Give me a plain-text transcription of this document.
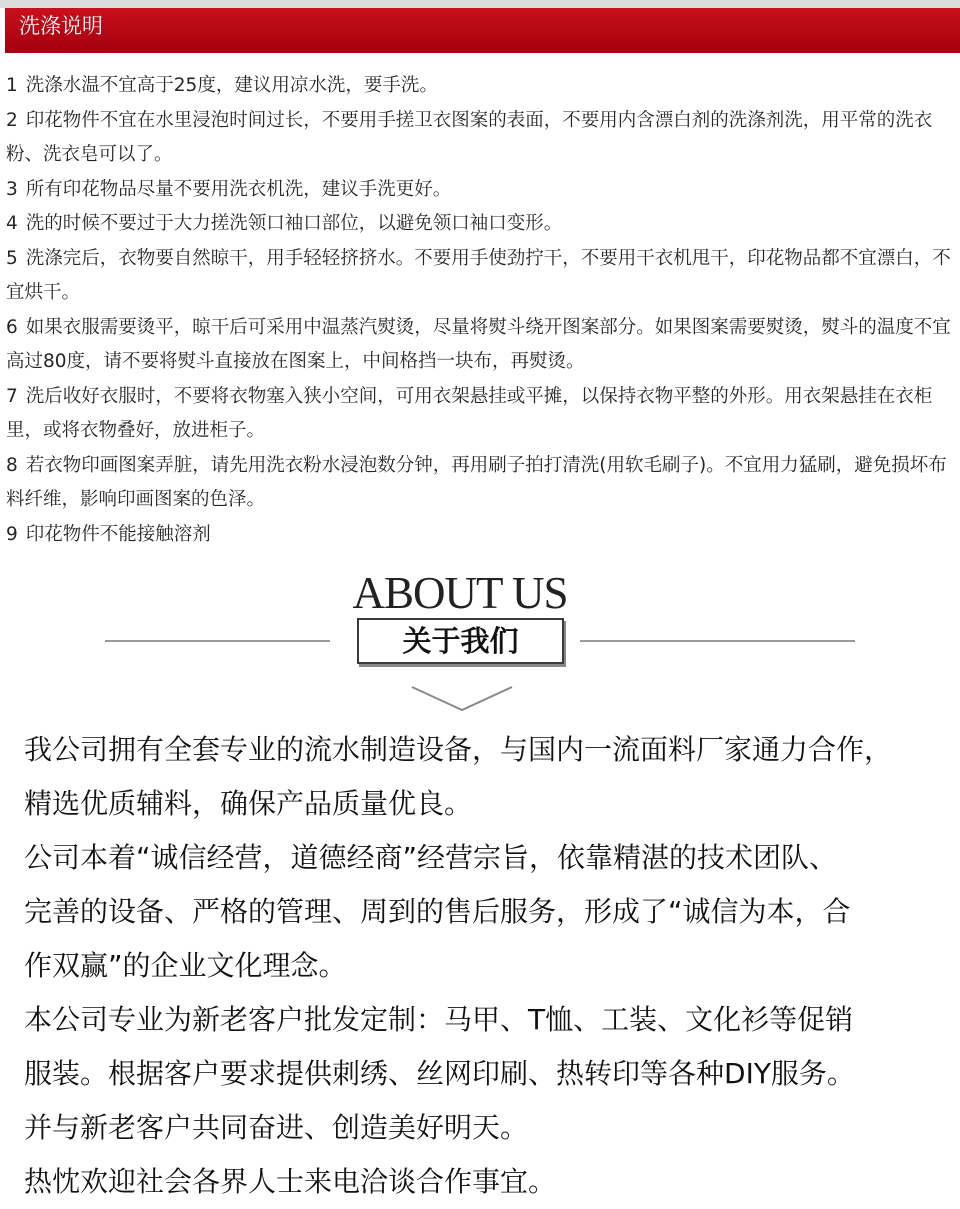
洗涤说明
1 洗涤水温不宜高于25度，建议用凉水洗，要手洗。
2 印花物件不宜在水里浸泡时间过长，不要用手搓卫衣图案的表面，不要用内含漂白剂的洗涤剂洗，用平常的洗衣粉、洗衣皂可以了。
3 所有印花物品尽量不要用洗衣机洗，建议手洗更好。
4 洗的时候不要过于大力搓洗领口袖口部位，以避免领口袖口变形。
5 洗涤完后，衣物要自然晾干，用手轻轻挤挤水。不要用手使劲拧干，不要用干衣机甩干，印花物品都不宜漂白，不宜烘干。
6 如果衣服需要烫平，晾干后可采用中温蒸汽熨烫，尽量将熨斗绕开图案部分。如果图案需要熨烫，熨斗的温度不宜高过80度，请不要将熨斗直接放在图案上，中间格挡一块布，再熨烫。
7 洗后收好衣服时，不要将衣物塞入狭小空间，可用衣架悬挂或平摊，以保持衣物平整的外形。用衣架悬挂在衣柜里，或将衣物叠好，放进柜子。
8 若衣物印画图案弄脏，请先用洗衣粉水浸泡数分钟，再用刷子拍打清洗(用软毛刷子)。不宜用力猛刷，避免损坏布料纤维，影响印画图案的色泽。
9 印花物件不能接触溶剂
ABOUT US
关于我们
我公司拥有全套专业的流水制造设备，与国内一流面料厂家通力合作，
精选优质辅料，确保产品质量优良。
公司本着“诚信经营，道德经商”经营宗旨，依靠精湛的技术团队、
完善的设备、严格的管理、周到的售后服务，形成了“诚信为本，合
作双赢”的企业文化理念。
本公司专业为新老客户批发定制：马甲、T恤、工装、文化衫等促销
服装。根据客户要求提供刺绣、丝网印刷、热转印等各种DIY服务。
并与新老客户共同奋进、创造美好明天。
热忱欢迎社会各界人士来电洽谈合作事宜。
